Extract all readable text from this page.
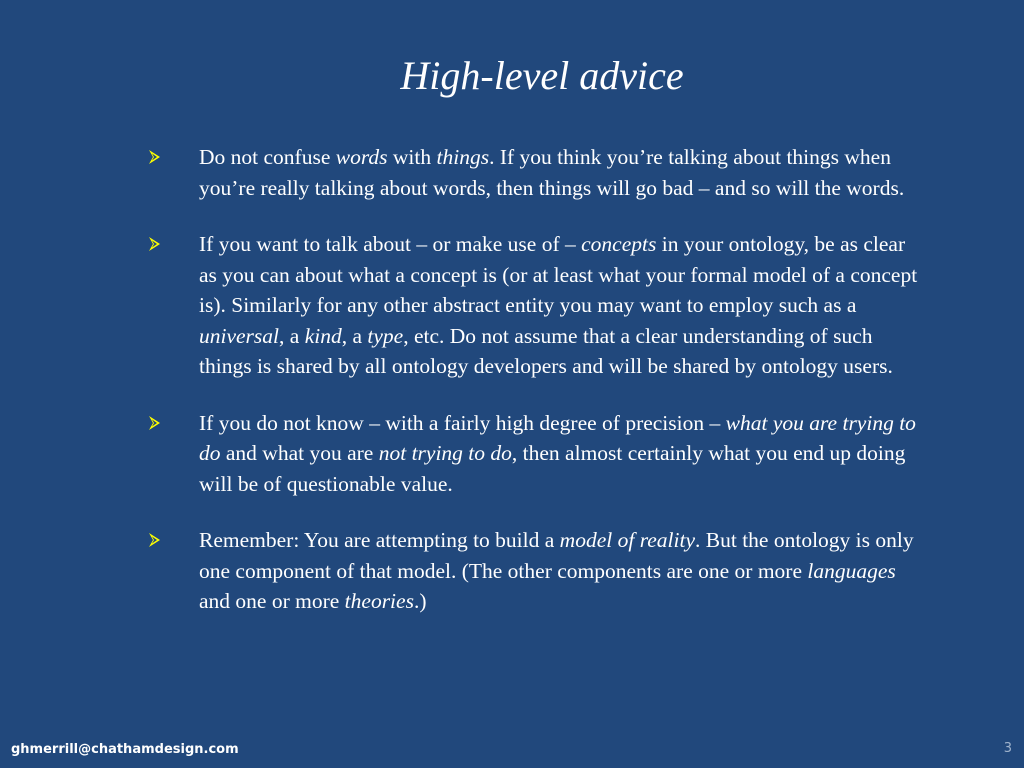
High-level advice
Do not confuse words with things. If you think you’re talking about things when you’re really talking about words, then things will go bad – and so will the words.
If you want to talk about – or make use of – concepts in your ontology, be as clear as you can about what a concept is (or at least what your formal model of a concept is). Similarly for any other abstract entity you may want to employ such as a universal, a kind, a type, etc. Do not assume that a clear understanding of such things is shared by all ontology developers and will be shared by ontology users.
If you do not know – with a fairly high degree of precision – what you are trying to do and what you are not trying to do, then almost certainly what you end up doing will be of questionable value.
Remember: You are attempting to build a model of reality. But the ontology is only one component of that model. (The other components are one or more languages and one or more theories.)
ghmerrill@chathamdesign.com	3
